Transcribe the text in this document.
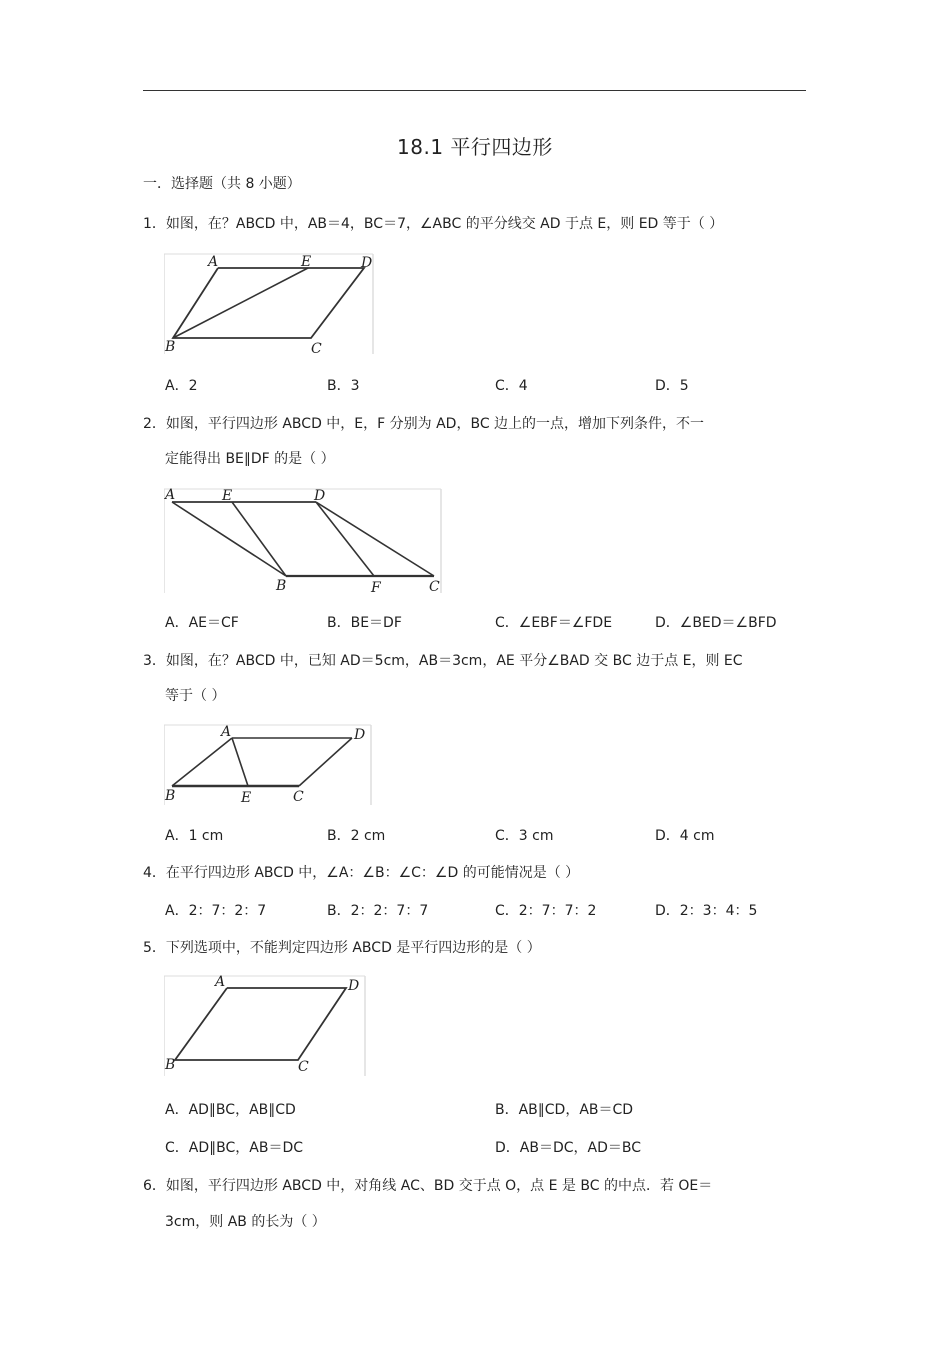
18.1 平行四边形
一．选择题（共 8 小题）
1．如图，在？ABCD 中，AB＝4，BC＝7，∠ABC 的平分线交 AD 于点 E，则 ED 等于（ ）
A	E	D
B	C
A．2	B．3	C．4	D．5
2．如图，平行四边形 ABCD 中，E，F 分别为 AD，BC 边上的一点，增加下列条件，不一
定能得出 BE∥DF 的是（ ）
A	E	D
B	F	C
A．AE＝CF	B．BE＝DF	C．∠EBF＝∠FDE	D．∠BED＝∠BFD
3．如图，在？ABCD 中，已知 AD＝5cm，AB＝3cm，AE 平分∠BAD 交 BC 边于点 E，则 EC
等于（ ）
A	D
B	E	C
A．1 cm	B．2 cm	C．3 cm	D．4 cm
4．在平行四边形 ABCD 中，∠A：∠B：∠C：∠D 的可能情况是（ ）
A．2：7：2：7	B．2：2：7：7	C．2：7：7：2	D．2：3：4：5
5．下列选项中，不能判定四边形 ABCD 是平行四边形的是（ ）
A	D
B	C
A．AD∥BC，AB∥CD	B．AB∥CD，AB＝CD
C．AD∥BC，AB＝DC	D．AB＝DC，AD＝BC
6．如图，平行四边形 ABCD 中，对角线 AC、BD 交于点 O，点 E 是 BC 的中点．若 OE＝
3cm，则 AB 的长为（ ）
